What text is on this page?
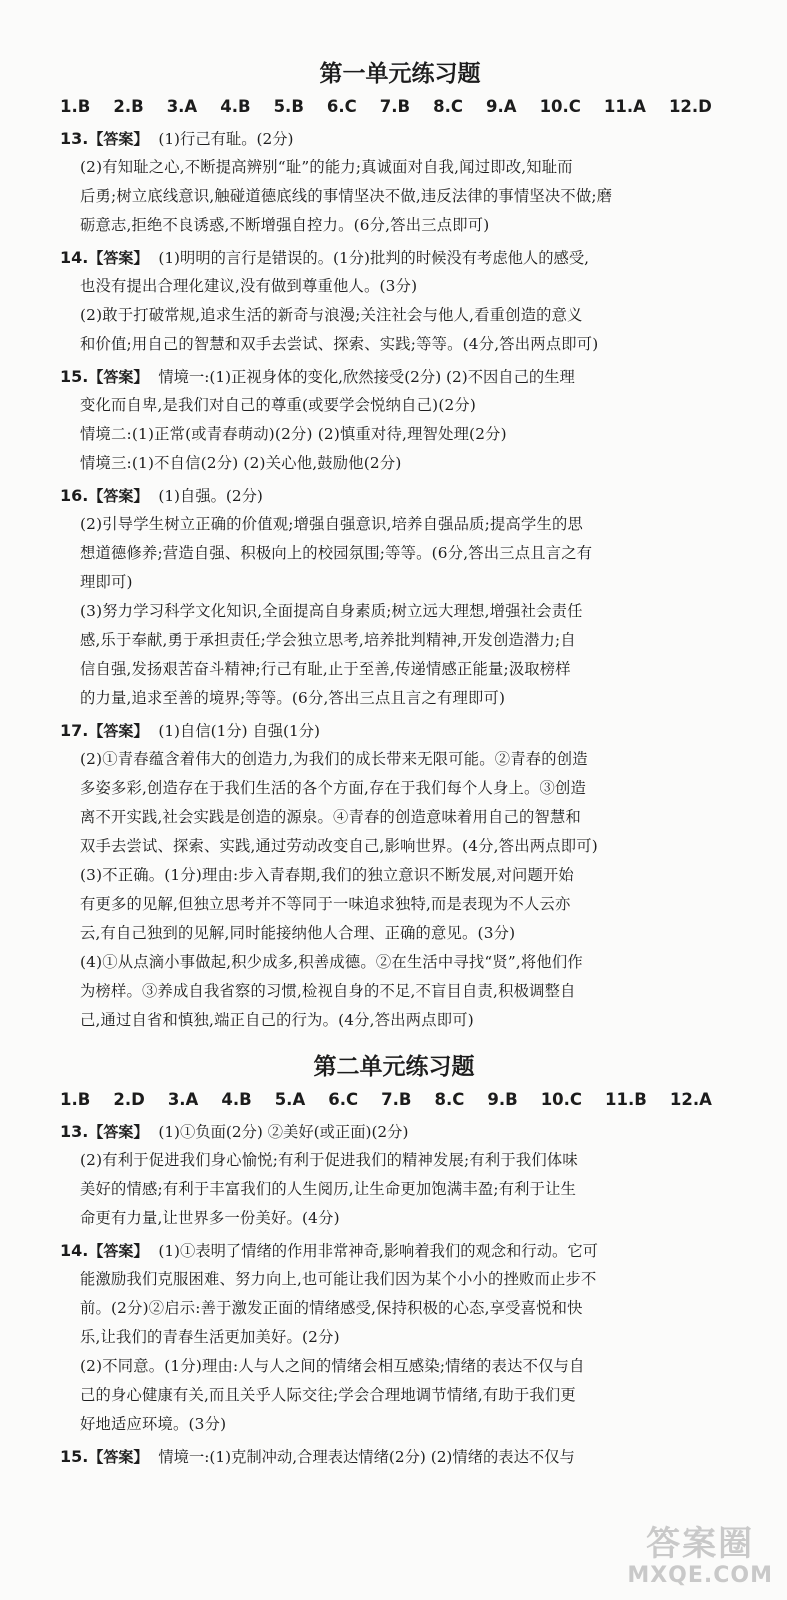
第一单元练习题
1.B 2.B 3.A 4.B 5.B 6.C 7.B 8.C 9.A 10.C 11.A 12.D
13.【答案】 (1)行己有耻。(2分)
(2)有知耻之心,不断提高辨别“耻”的能力;真诚面对自我,闻过即改,知耻而
后勇;树立底线意识,触碰道德底线的事情坚决不做,违反法律的事情坚决不做;磨
砺意志,拒绝不良诱惑,不断增强自控力。(6分,答出三点即可)
14.【答案】 (1)明明的言行是错误的。(1分)批判的时候没有考虑他人的感受,
也没有提出合理化建议,没有做到尊重他人。(3分)
(2)敢于打破常规,追求生活的新奇与浪漫;关注社会与他人,看重创造的意义
和价值;用自己的智慧和双手去尝试、探索、实践;等等。(4分,答出两点即可)
15.【答案】 情境一:(1)正视身体的变化,欣然接受(2分) (2)不因自己的生理
变化而自卑,是我们对自己的尊重(或要学会悦纳自己)(2分)
情境二:(1)正常(或青春萌动)(2分) (2)慎重对待,理智处理(2分)
情境三:(1)不自信(2分) (2)关心他,鼓励他(2分)
16.【答案】 (1)自强。(2分)
(2)引导学生树立正确的价值观;增强自强意识,培养自强品质;提高学生的思
想道德修养;营造自强、积极向上的校园氛围;等等。(6分,答出三点且言之有
理即可)
(3)努力学习科学文化知识,全面提高自身素质;树立远大理想,增强社会责任
感,乐于奉献,勇于承担责任;学会独立思考,培养批判精神,开发创造潜力;自
信自强,发扬艰苦奋斗精神;行己有耻,止于至善,传递情感正能量;汲取榜样
的力量,追求至善的境界;等等。(6分,答出三点且言之有理即可)
17.【答案】 (1)自信(1分) 自强(1分)
(2)①青春蕴含着伟大的创造力,为我们的成长带来无限可能。②青春的创造
多姿多彩,创造存在于我们生活的各个方面,存在于我们每个人身上。③创造
离不开实践,社会实践是创造的源泉。④青春的创造意味着用自己的智慧和
双手去尝试、探索、实践,通过劳动改变自己,影响世界。(4分,答出两点即可)
(3)不正确。(1分)理由:步入青春期,我们的独立意识不断发展,对问题开始
有更多的见解,但独立思考并不等同于一味追求独特,而是表现为不人云亦
云,有自己独到的见解,同时能接纳他人合理、正确的意见。(3分)
(4)①从点滴小事做起,积少成多,积善成德。②在生活中寻找“贤”,将他们作
为榜样。③养成自我省察的习惯,检视自身的不足,不盲目自责,积极调整自
己,通过自省和慎独,端正自己的行为。(4分,答出两点即可)
第二单元练习题
1.B 2.D 3.A 4.B 5.A 6.C 7.B 8.C 9.B 10.C 11.B 12.A
13.【答案】 (1)①负面(2分) ②美好(或正面)(2分)
(2)有利于促进我们身心愉悦;有利于促进我们的精神发展;有利于我们体味
美好的情感;有利于丰富我们的人生阅历,让生命更加饱满丰盈;有利于让生
命更有力量,让世界多一份美好。(4分)
14.【答案】 (1)①表明了情绪的作用非常神奇,影响着我们的观念和行动。它可
能激励我们克服困难、努力向上,也可能让我们因为某个小小的挫败而止步不
前。(2分)②启示:善于激发正面的情绪感受,保持积极的心态,享受喜悦和快
乐,让我们的青春生活更加美好。(2分)
(2)不同意。(1分)理由:人与人之间的情绪会相互感染;情绪的表达不仅与自
己的身心健康有关,而且关乎人际交往;学会合理地调节情绪,有助于我们更
好地适应环境。(3分)
15.【答案】 情境一:(1)克制冲动,合理表达情绪(2分) (2)情绪的表达不仅与
答案圈
MXQE.COM
